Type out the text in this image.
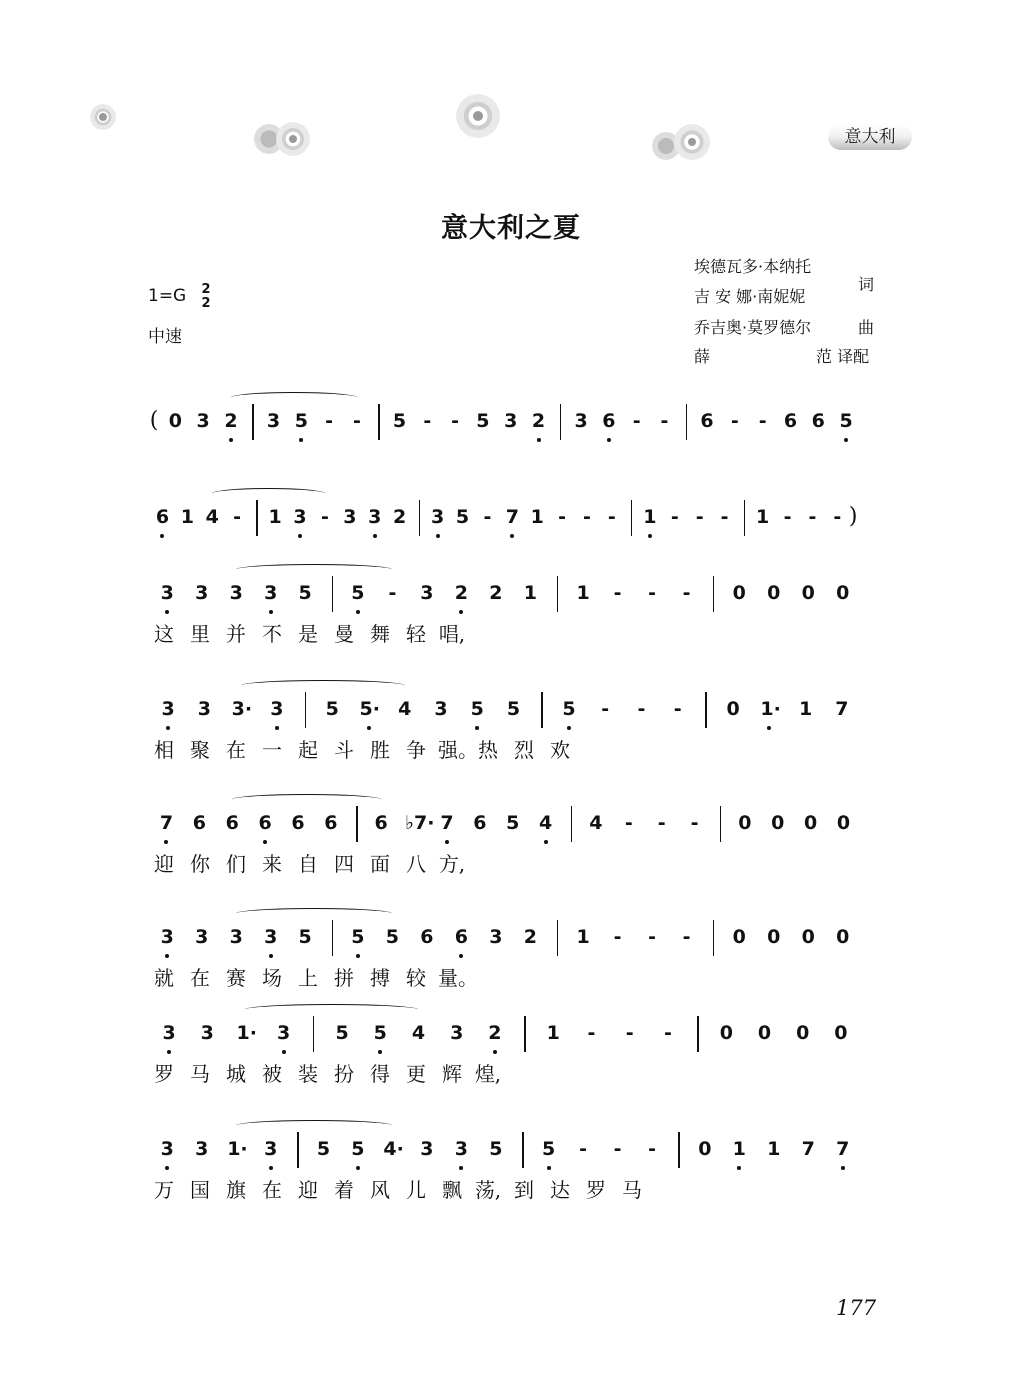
意大利
意大利之夏
埃德瓦多·本纳托
吉 安 娜·南妮妮
词
乔吉奥·莫罗德尔	曲
薛	范 译配
1=G 2
2
中速
( 0 3 2 3 5 - - 5 - - 5 3 2 3 6 - - 6 - - 6 6 5
6 1 4 - 1 3 - 3 3 2 3 5 - 7 1 - - - 1 - - - 1 - - - )
3 3 3 3 5 5 - 3 2 2 1 1 - - - 0 0 0 0
这 里 并 不 是 曼 舞 轻 唱,
3 3 3· 3 5 5· 4 3 5 5 5 - - - 0 1· 1 7
相 聚 在 一 起 斗 胜 争 强。 热 烈 欢
7 6 6 6 6 6 6 ♭7· 7 6 5 4 4 - - - 0 0 0 0
迎 你 们 来 自 四 面 八 方,
3 3 3 3 5 5 5 6 6 3 2 1 - - - 0 0 0 0
就 在 赛 场 上 拼 搏 较 量。
3 3 1· 3 5 5 4 3 2 1 - - -	0 0 0 0
罗 马 城 被 装 扮 得 更 辉 煌,
3 3 1· 3 5 5 4· 3 3 5 5 - - - 0 1 1 7 7
万 国 旗 在 迎 着 风 儿 飘 荡, 到 达 罗 马
177
